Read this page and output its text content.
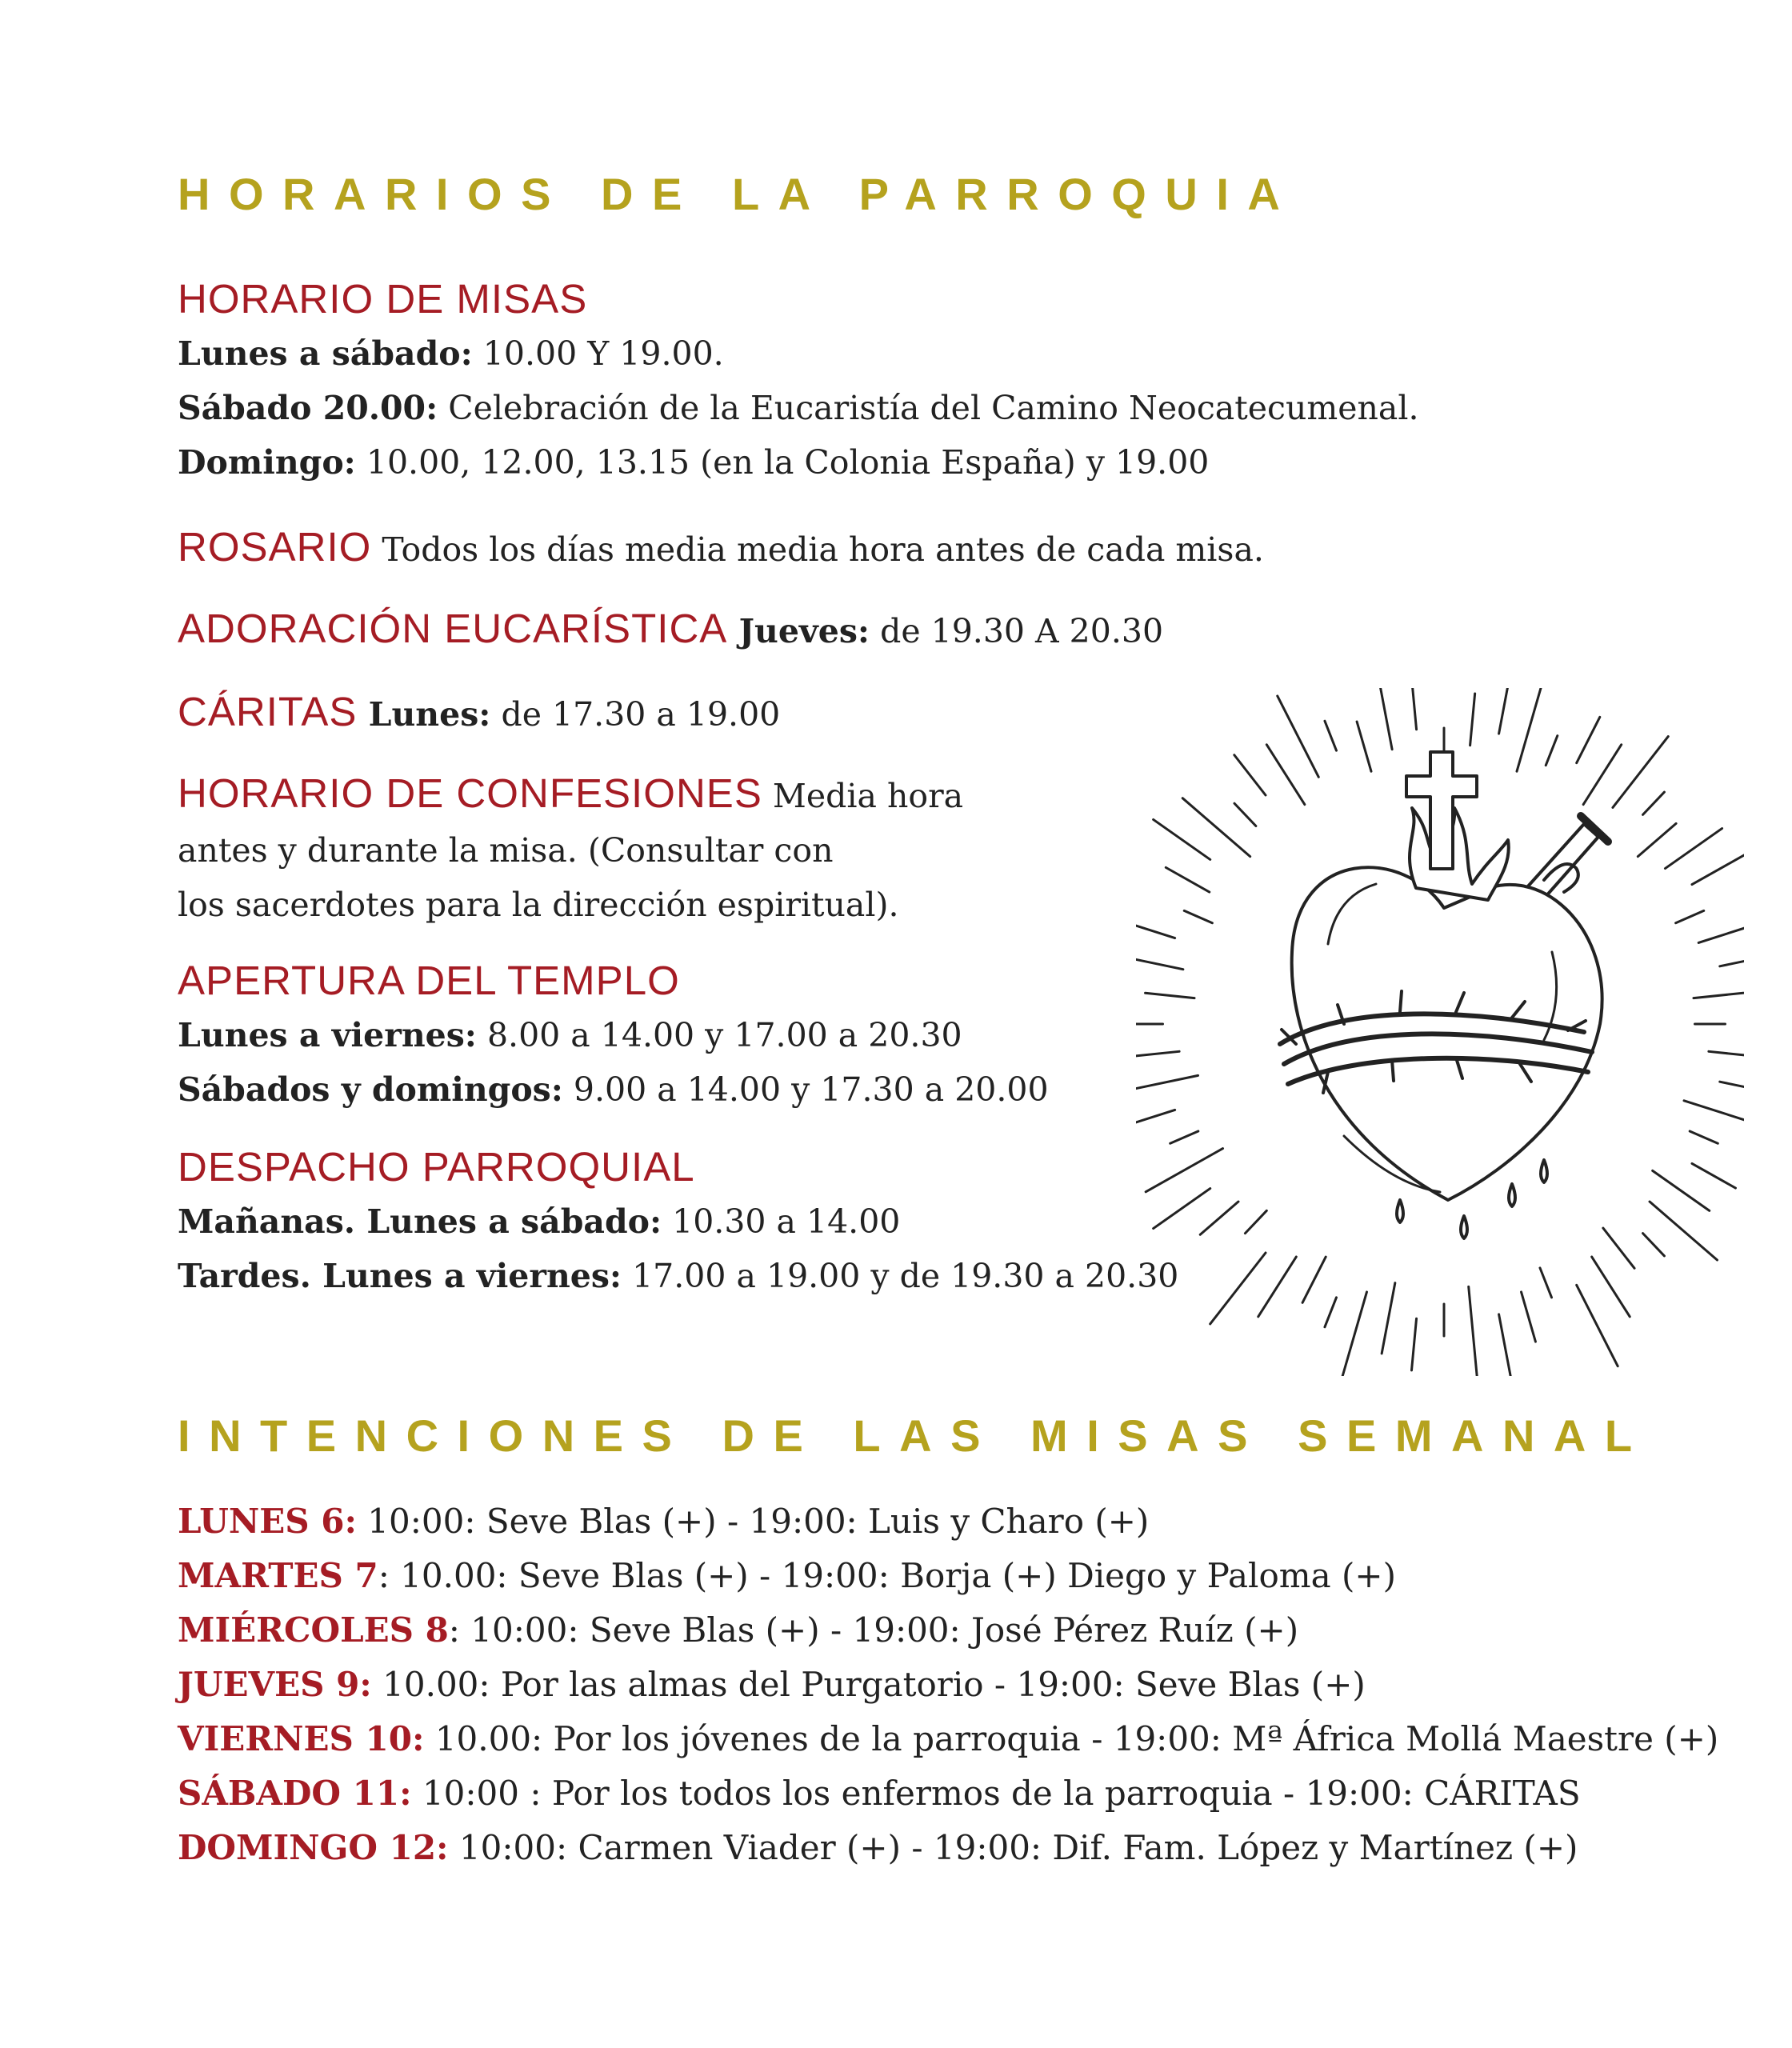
HORARIOS DE LA PARROQUIA
HORARIO DE MISAS
Lunes a sábado: 10.00 Y 19.00.
Sábado 20.00: Celebración de la Eucaristía del Camino Neocatecumenal.
Domingo: 10.00, 12.00, 13.15 (en la Colonia España) y 19.00
ROSARIO Todos los días media media hora antes de cada misa.
ADORACIÓN EUCARÍSTICA Jueves: de 19.30 A 20.30
CÁRITAS Lunes: de 17.30 a 19.00
HORARIO DE CONFESIONES Media hora
antes y durante la misa. (Consultar con
los sacerdotes para la dirección espiritual).
APERTURA DEL TEMPLO
Lunes a viernes: 8.00 a 14.00 y 17.00 a 20.30
Sábados y domingos: 9.00 a 14.00 y 17.30 a 20.00
DESPACHO PARROQUIAL
Mañanas. Lunes a sábado: 10.30 a 14.00
Tardes. Lunes a viernes: 17.00 a 19.00 y de 19.30 a 20.30
INTENCIONES DE LAS MISAS SEMANAL
LUNES 6: 10:00: Seve Blas (+) - 19:00: Luis y Charo (+)
MARTES 7: 10.00: Seve Blas (+) - 19:00: Borja (+) Diego y Paloma (+)
MIÉRCOLES 8: 10:00: Seve Blas (+) - 19:00: José Pérez Ruíz (+)
JUEVES 9: 10.00: Por las almas del Purgatorio - 19:00: Seve Blas (+)
VIERNES 10: 10.00: Por los jóvenes de la parroquia - 19:00: Mª África Mollá Maestre (+)
SÁBADO 11: 10:00 : Por los todos los enfermos de la parroquia - 19:00: CÁRITAS
DOMINGO 12: 10:00: Carmen Viader (+) - 19:00: Dif. Fam. López y Martínez (+)
